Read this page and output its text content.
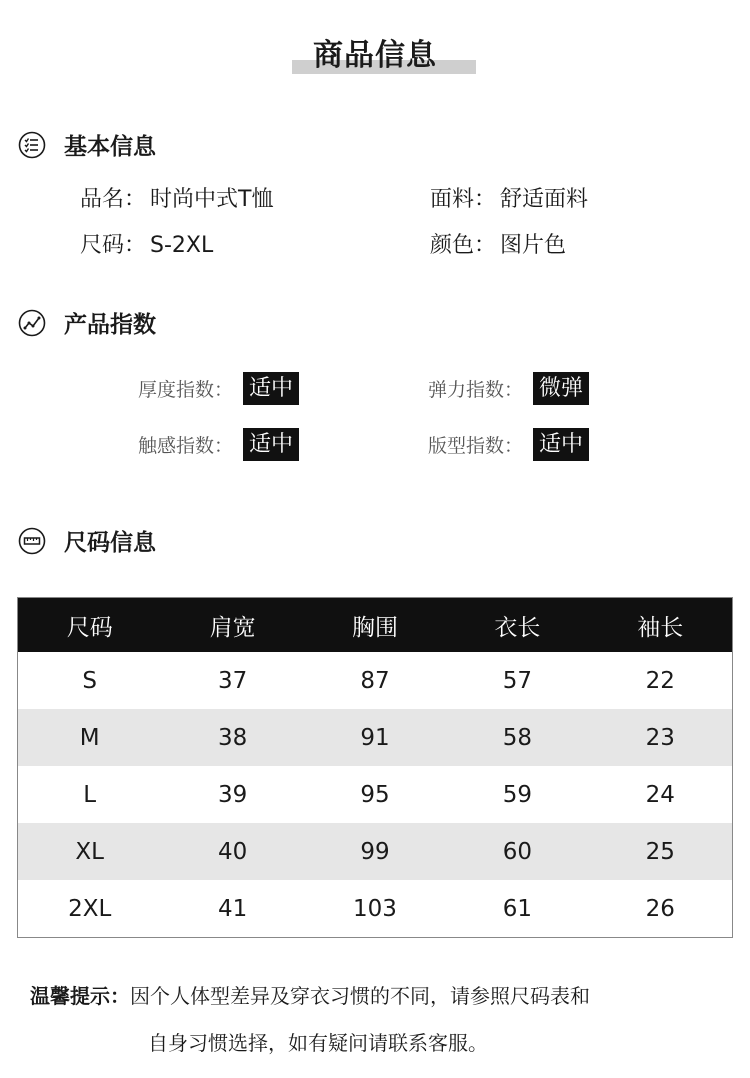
商品信息
基本信息
品名： 时尚中式T恤	面料： 舒适面料
尺码： S-2XL	颜色： 图片色
产品指数
厚度指数： 适中	弹力指数： 微弹
触感指数： 适中	版型指数： 适中
尺码信息
尺码	肩宽	胸围	衣长	袖长
S	37	87	57	22
M	38	91	58	23
L	39	95	59	24
XL	40	99	60	25
2XL	41	103	61	26
温馨提示：因个人体型差异及穿衣习惯的不同，请参照尺码表和
自身习惯选择，如有疑问请联系客服。
